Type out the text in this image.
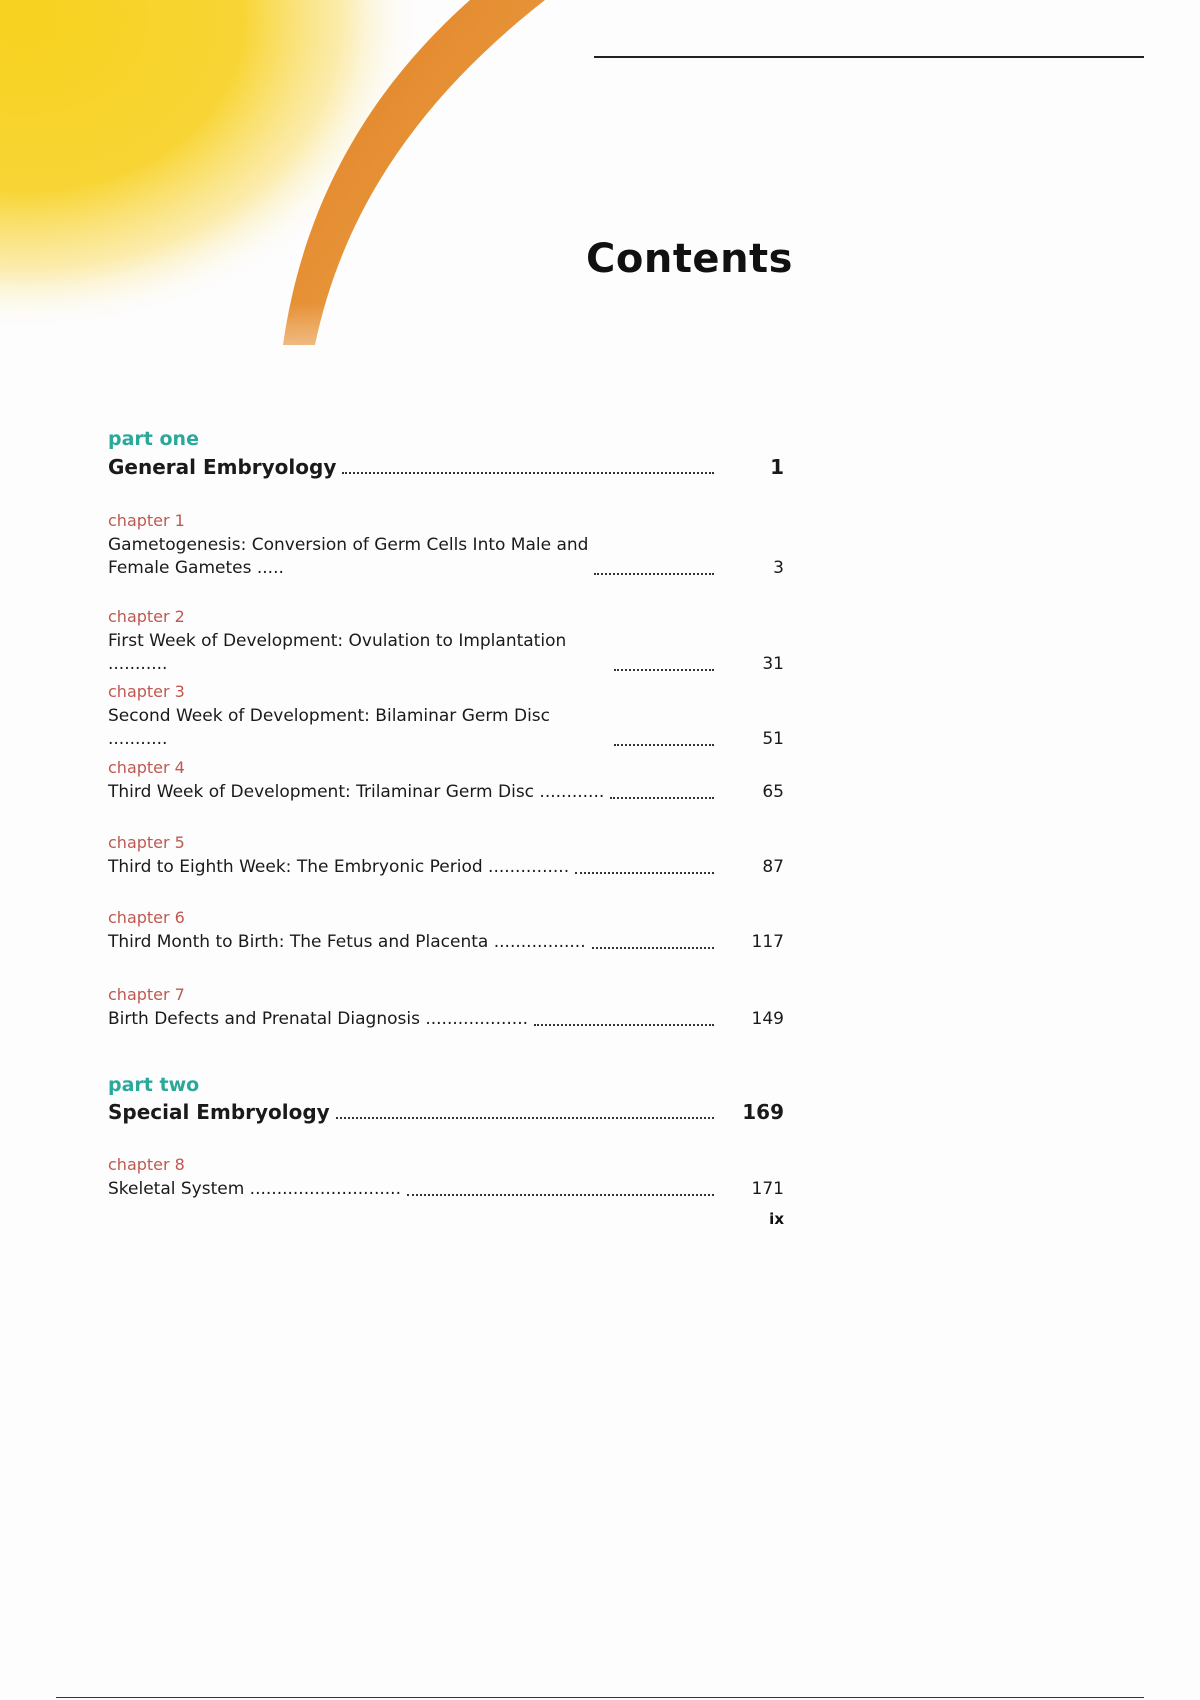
Contents
part one
General Embryology	1
chapter 1
Gametogenesis: Conversion of Germ Cells Into Male and
Female Gametes .....	3
chapter 2
First Week of Development: Ovulation to Implantation ...........	31
chapter 3
Second Week of Development: Bilaminar Germ Disc ...........	51
chapter 4
Third Week of Development: Trilaminar Germ Disc ............	65
chapter 5
Third to Eighth Week: The Embryonic Period ...............	87
chapter 6
Third Month to Birth: The Fetus and Placenta .................	117
chapter 7
Birth Defects and Prenatal Diagnosis ...................	149
part two
Special Embryology	169
chapter 8
Skeletal System ............................	171
ix
